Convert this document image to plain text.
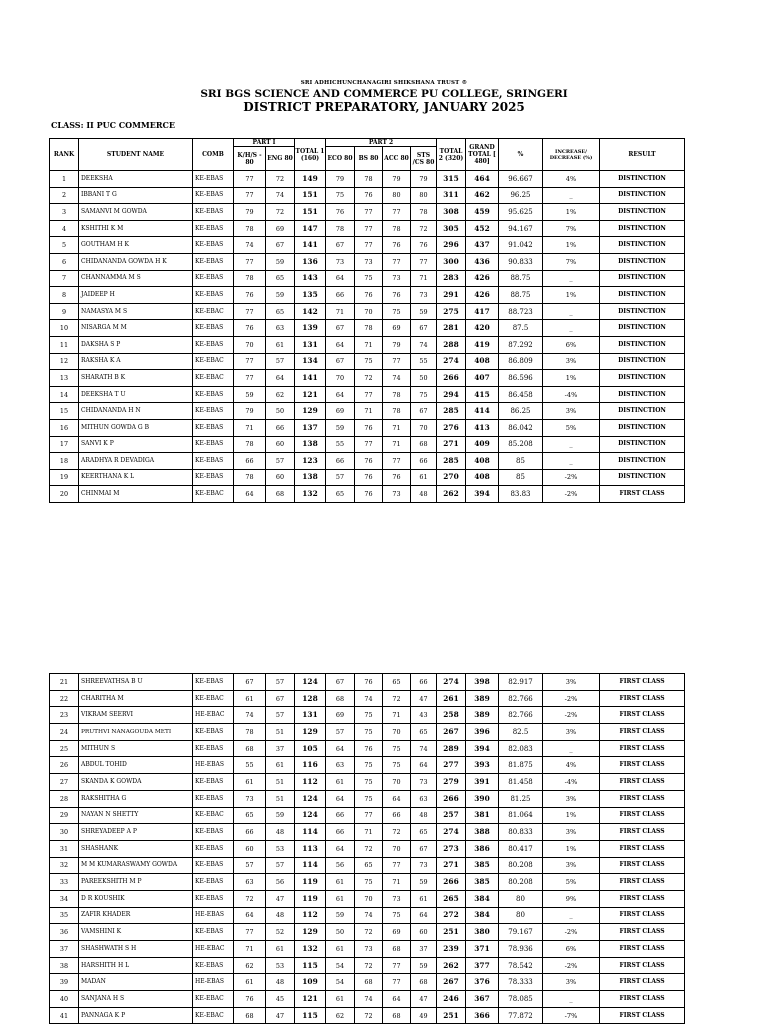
SRI ADHICHUNCHANAGIRI SHIKSHANA TRUST ®
SRI BGS SCIENCE AND COMMERCE PU COLLEGE, SRINGERI
DISTRICT PREPARATORY, JANUARY 2025
CLASS: II PUC COMMERCE
RANK	STUDENT NAME	COMB	PART I		TOTAL 1 (160)	PART 2				TOTAL 2 (320)	GRAND TOTAL [ 480]	%	INCREASE/ DECREASE (%)	RESULT
			K/H/S - 80	ENG 80		ECO 80	BS 80	ACC 80	STS /CS 80					
1	DEEKSHA	KE-EBAS	77	72	149	79	78	79	79	315	464	96.667	4%	DISTINCTION
2	IBBANI T G	KE-EBAS	77	74	151	75	76	80	80	311	462	96.25	_	DISTINCTION
3	SAMANVI M GOWDA	KE-EBAS	79	72	151	76	77	77	78	308	459	95.625	1%	DISTINCTION
4	KSHITHI K M	KE-EBAS	78	69	147	78	77	78	72	305	452	94.167	7%	DISTINCTION
5	GOUTHAM H K	KE-EBAS	74	67	141	67	77	76	76	296	437	91.042	1%	DISTINCTION
6	CHIDANANDA GOWDA H K	KE-EBAS	77	59	136	73	73	77	77	300	436	90.833	7%	DISTINCTION
7	CHANNAMMA M S	KE-EBAS	78	65	143	64	75	73	71	283	426	88.75	_	DISTINCTION
8	JAIDEEP H	KE-EBAS	76	59	135	66	76	76	73	291	426	88.75	1%	DISTINCTION
9	NAMASYA M S	KE-EBAC	77	65	142	71	70	75	59	275	417	88.723	_	DISTINCTION
10	NISARGA M M	KE-EBAS	76	63	139	67	78	69	67	281	420	87.5	_	DISTINCTION
11	DAKSHA S P	KE-EBAS	70	61	131	64	71	79	74	288	419	87.292	6%	DISTINCTION
12	RAKSHA K A	KE-EBAC	77	57	134	67	75	77	55	274	408	86.809	3%	DISTINCTION
13	SHARATH B K	KE-EBAC	77	64	141	70	72	74	50	266	407	86.596	1%	DISTINCTION
14	DEEKSHA T U	KE-EBAS	59	62	121	64	77	78	75	294	415	86.458	-4%	DISTINCTION
15	CHIDANANDA H N	KE-EBAS	79	50	129	69	71	78	67	285	414	86.25	3%	DISTINCTION
16	MITHUN GOWDA G B	KE-EBAS	71	66	137	59	76	71	70	276	413	86.042	5%	DISTINCTION
17	SANVI K P	KE-EBAS	78	60	138	55	77	71	68	271	409	85.208	_	DISTINCTION
18	ARADHYA R DEVADIGA	KE-EBAS	66	57	123	66	76	77	66	285	408	85	_	DISTINCTION
19	KEERTHANA K L	KE-EBAS	78	60	138	57	76	76	61	270	408	85	-2%	DISTINCTION
20	CHINMAI M	KE-EBAC	64	68	132	65	76	73	48	262	394	83.83	-2%	FIRST CLASS
21	SHREEVATHSA B U	KE-EBAS	67	57	124	67	76	65	66	274	398	82.917	3%	FIRST CLASS
22	CHARITHA M	KE-EBAC	61	67	128	68	74	72	47	261	389	82.766	-2%	FIRST CLASS
23	VIKRAM SEERVI	HE-EBAC	74	57	131	69	75	71	43	258	389	82.766	-2%	FIRST CLASS
24	PRUTHVI NANAGOUDA METI	KE-EBAS	78	51	129	57	75	70	65	267	396	82.5	3%	FIRST CLASS
25	MITHUN S	KE-EBAS	68	37	105	64	76	75	74	289	394	82.083	_	FIRST CLASS
26	ABDUL TOHID	HE-EBAS	55	61	116	63	75	75	64	277	393	81.875	4%	FIRST CLASS
27	SKANDA K GOWDA	KE-EBAS	61	51	112	61	75	70	73	279	391	81.458	-4%	FIRST CLASS
28	RAKSHITHA G	KE-EBAS	73	51	124	64	75	64	63	266	390	81.25	3%	FIRST CLASS
29	NAYAN N SHETTY	KE-EBAC	65	59	124	66	77	66	48	257	381	81.064	1%	FIRST CLASS
30	SHREYADEEP A P	KE-EBAS	66	48	114	66	71	72	65	274	388	80.833	3%	FIRST CLASS
31	SHASHANK	KE-EBAS	60	53	113	64	72	70	67	273	386	80.417	1%	FIRST CLASS
32	M M KUMARASWAMY GOWDA	KE-EBAS	57	57	114	56	65	77	73	271	385	80.208	3%	FIRST CLASS
33	PAREEKSHITH M P	KE-EBAS	63	56	119	61	75	71	59	266	385	80.208	5%	FIRST CLASS
34	D R KOUSHIK	KE-EBAS	72	47	119	61	70	73	61	265	384	80	9%	FIRST CLASS
35	ZAFIR KHADER	HE-EBAS	64	48	112	59	74	75	64	272	384	80	_	FIRST CLASS
36	VAMSHINI K	KE-EBAS	77	52	129	50	72	69	60	251	380	79.167	-2%	FIRST CLASS
37	SHASHWATH S H	HE-EBAC	71	61	132	61	73	68	37	239	371	78.936	6%	FIRST CLASS
38	HARSHITH H L	KE-EBAS	62	53	115	54	72	77	59	262	377	78.542	-2%	FIRST CLASS
39	MADAN	HE-EBAS	61	48	109	54	68	77	68	267	376	78.333	3%	FIRST CLASS
40	SANJANA H S	KE-EBAC	76	45	121	61	74	64	47	246	367	78.085	_	FIRST CLASS
41	PANNAGA K P	KE-EBAC	68	47	115	62	72	68	49	251	366	77.872	-7%	FIRST CLASS
